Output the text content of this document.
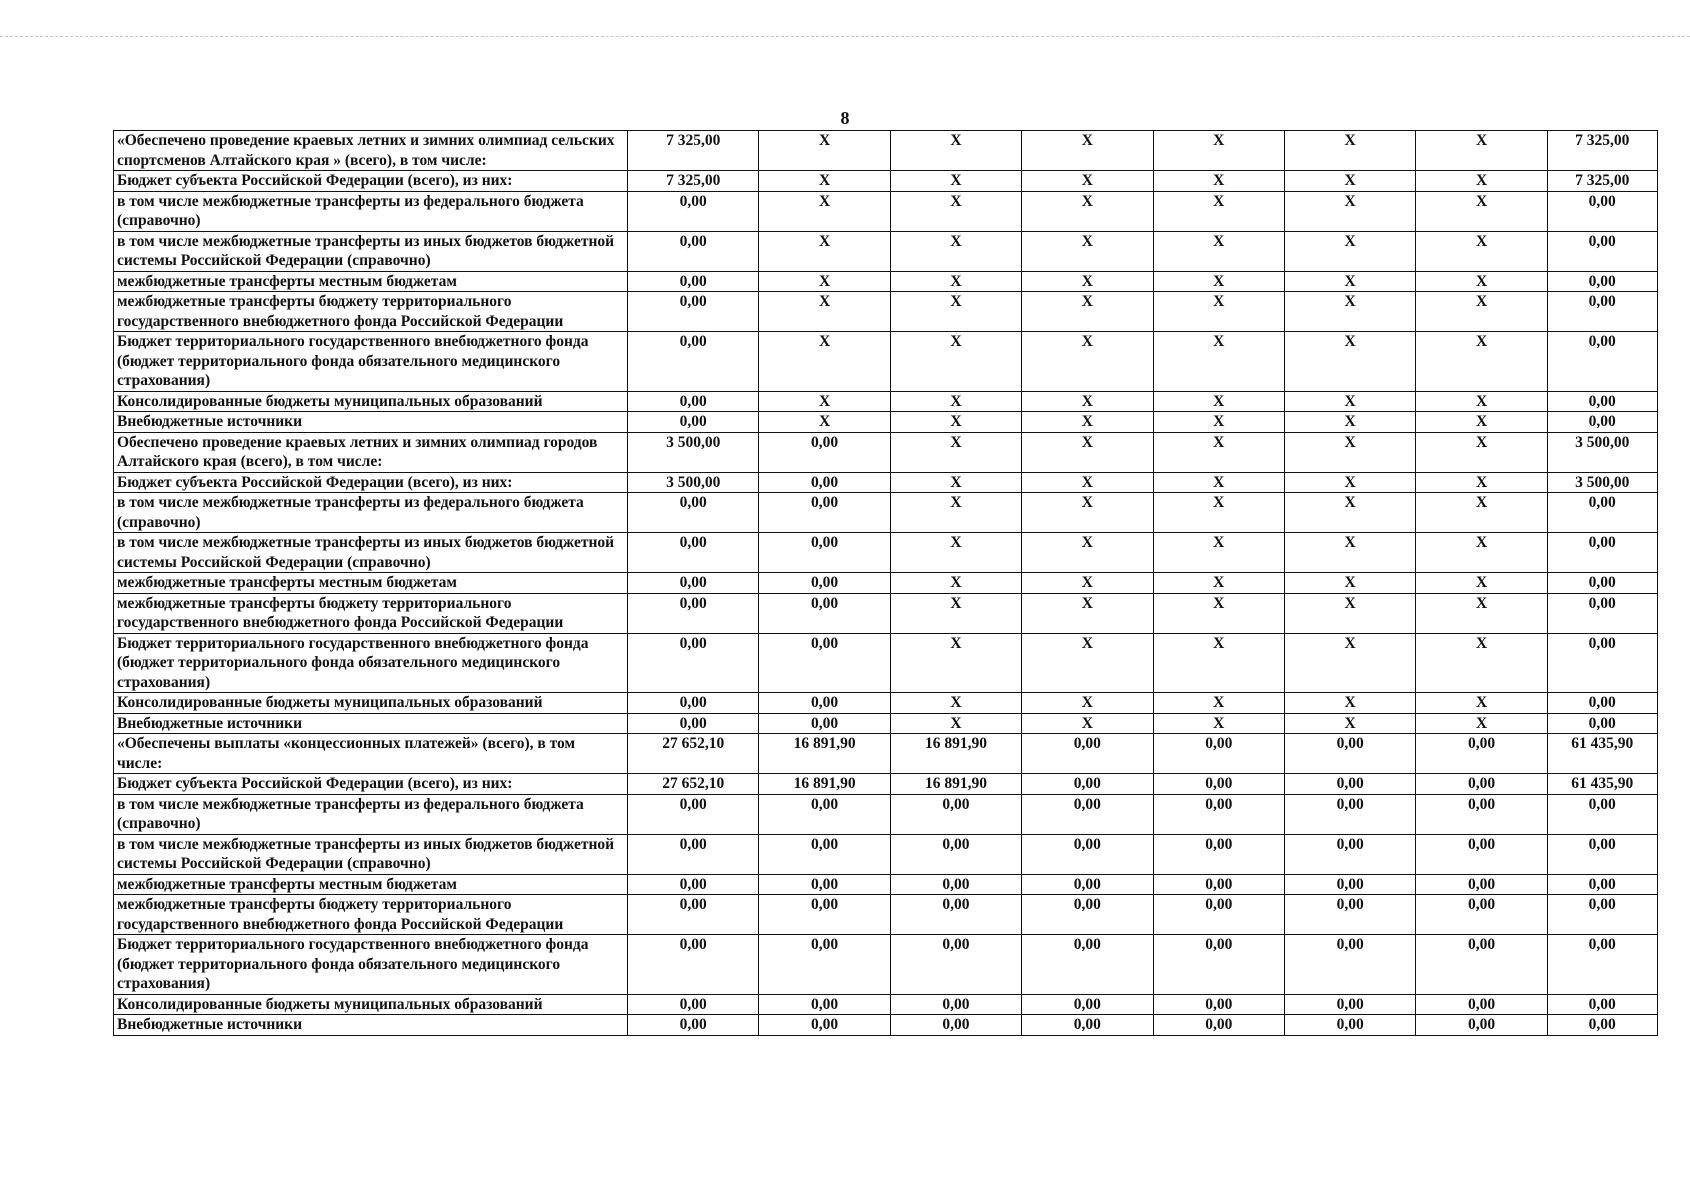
8
«Обеспечено проведение краевых летних и зимних олимпиад сельских спортсменов Алтайского края » (всего), в том числе:	7 325,00	X	X	X	X	X	X	7 325,00
Бюджет субъекта Российской Федерации (всего), из них:	7 325,00	X	X	X	X	X	X	7 325,00
в том числе межбюджетные трансферты из федерального бюджета (справочно)	0,00	X	X	X	X	X	X	0,00
в том числе межбюджетные трансферты из иных бюджетов бюджетной системы Российской Федерации (справочно)	0,00	X	X	X	X	X	X	0,00
межбюджетные трансферты местным бюджетам	0,00	X	X	X	X	X	X	0,00
межбюджетные трансферты бюджету территориального государственного внебюджетного фонда Российской Федерации	0,00	X	X	X	X	X	X	0,00
Бюджет территориального государственного внебюджетного фонда (бюджет территориального фонда обязательного медицинского страхования)	0,00	X	X	X	X	X	X	0,00
Консолидированные бюджеты муниципальных образований	0,00	X	X	X	X	X	X	0,00
Внебюджетные источники	0,00	X	X	X	X	X	X	0,00
Обеспечено проведение краевых летних и зимних олимпиад городов Алтайского края (всего), в том числе:	3 500,00	0,00	X	X	X	X	X	3 500,00
Бюджет субъекта Российской Федерации (всего), из них:	3 500,00	0,00	X	X	X	X	X	3 500,00
в том числе межбюджетные трансферты из федерального бюджета (справочно)	0,00	0,00	X	X	X	X	X	0,00
в том числе межбюджетные трансферты из иных бюджетов бюджетной системы Российской Федерации (справочно)	0,00	0,00	X	X	X	X	X	0,00
межбюджетные трансферты местным бюджетам	0,00	0,00	X	X	X	X	X	0,00
межбюджетные трансферты бюджету территориального государственного внебюджетного фонда Российской Федерации	0,00	0,00	X	X	X	X	X	0,00
Бюджет территориального государственного внебюджетного фонда (бюджет территориального фонда обязательного медицинского страхования)	0,00	0,00	X	X	X	X	X	0,00
Консолидированные бюджеты муниципальных образований	0,00	0,00	X	X	X	X	X	0,00
Внебюджетные источники	0,00	0,00	X	X	X	X	X	0,00
«Обеспечены выплаты «концессионных платежей» (всего), в том числе:	27 652,10	16 891,90	16 891,90	0,00	0,00	0,00	0,00	61 435,90
Бюджет субъекта Российской Федерации (всего), из них:	27 652,10	16 891,90	16 891,90	0,00	0,00	0,00	0,00	61 435,90
в том числе межбюджетные трансферты из федерального бюджета (справочно)	0,00	0,00	0,00	0,00	0,00	0,00	0,00	0,00
в том числе межбюджетные трансферты из иных бюджетов бюджетной системы Российской Федерации (справочно)	0,00	0,00	0,00	0,00	0,00	0,00	0,00	0,00
межбюджетные трансферты местным бюджетам	0,00	0,00	0,00	0,00	0,00	0,00	0,00	0,00
межбюджетные трансферты бюджету территориального государственного внебюджетного фонда Российской Федерации	0,00	0,00	0,00	0,00	0,00	0,00	0,00	0,00
Бюджет территориального государственного внебюджетного фонда (бюджет территориального фонда обязательного медицинского страхования)	0,00	0,00	0,00	0,00	0,00	0,00	0,00	0,00
Консолидированные бюджеты муниципальных образований	0,00	0,00	0,00	0,00	0,00	0,00	0,00	0,00
Внебюджетные источники	0,00	0,00	0,00	0,00	0,00	0,00	0,00	0,00
